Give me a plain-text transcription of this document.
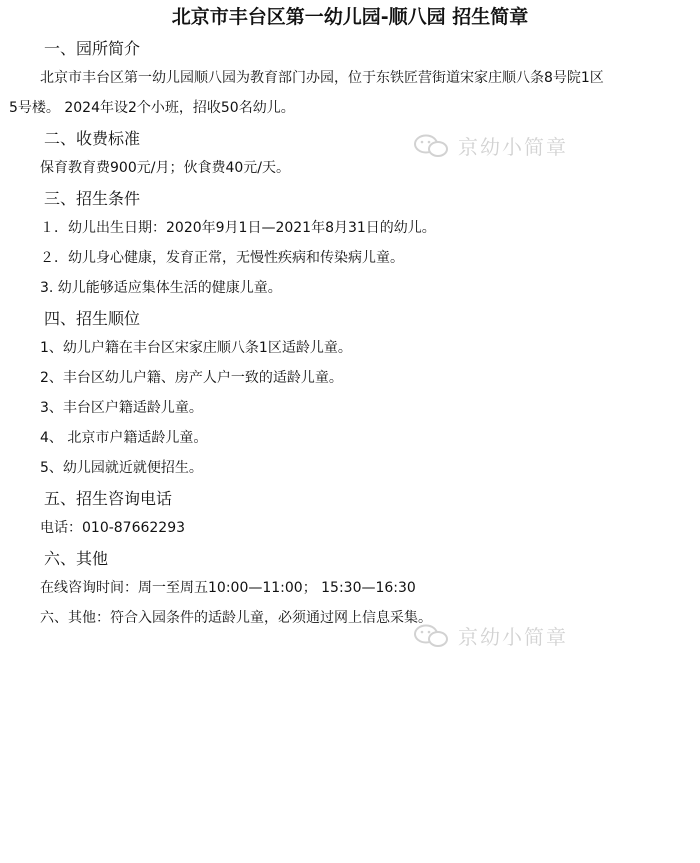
北京市丰台区第一幼儿园-顺八园 招生简章
一、园所简介
北京市丰台区第一幼儿园顺八园为教育部门办园，位于东铁匠营街道宋家庄顺八条8号院1区
5号楼。 2024年设2个小班，招收50名幼儿。
二、收费标准
保育教育费900元/月；伙食费40元/天。
三、招生条件
１．幼儿出生日期：2020年9月1日—2021年8月31日的幼儿。
２．幼儿身心健康，发育正常，无慢性疾病和传染病儿童。
3. 幼儿能够适应集体生活的健康儿童。
四、招生顺位
1、幼儿户籍在丰台区宋家庄顺八条1区适龄儿童。
2、丰台区幼儿户籍、房产人户一致的适龄儿童。
3、丰台区户籍适龄儿童。
4、 北京市户籍适龄儿童。
5、幼儿园就近就便招生。
五、招生咨询电话
电话：010-87662293
六、其他
在线咨询时间：周一至周五10:00—11:00； 15:30—16:30
六、其他：符合入园条件的适龄儿童，必须通过网上信息采集。
京幼小简章
京幼小简章
